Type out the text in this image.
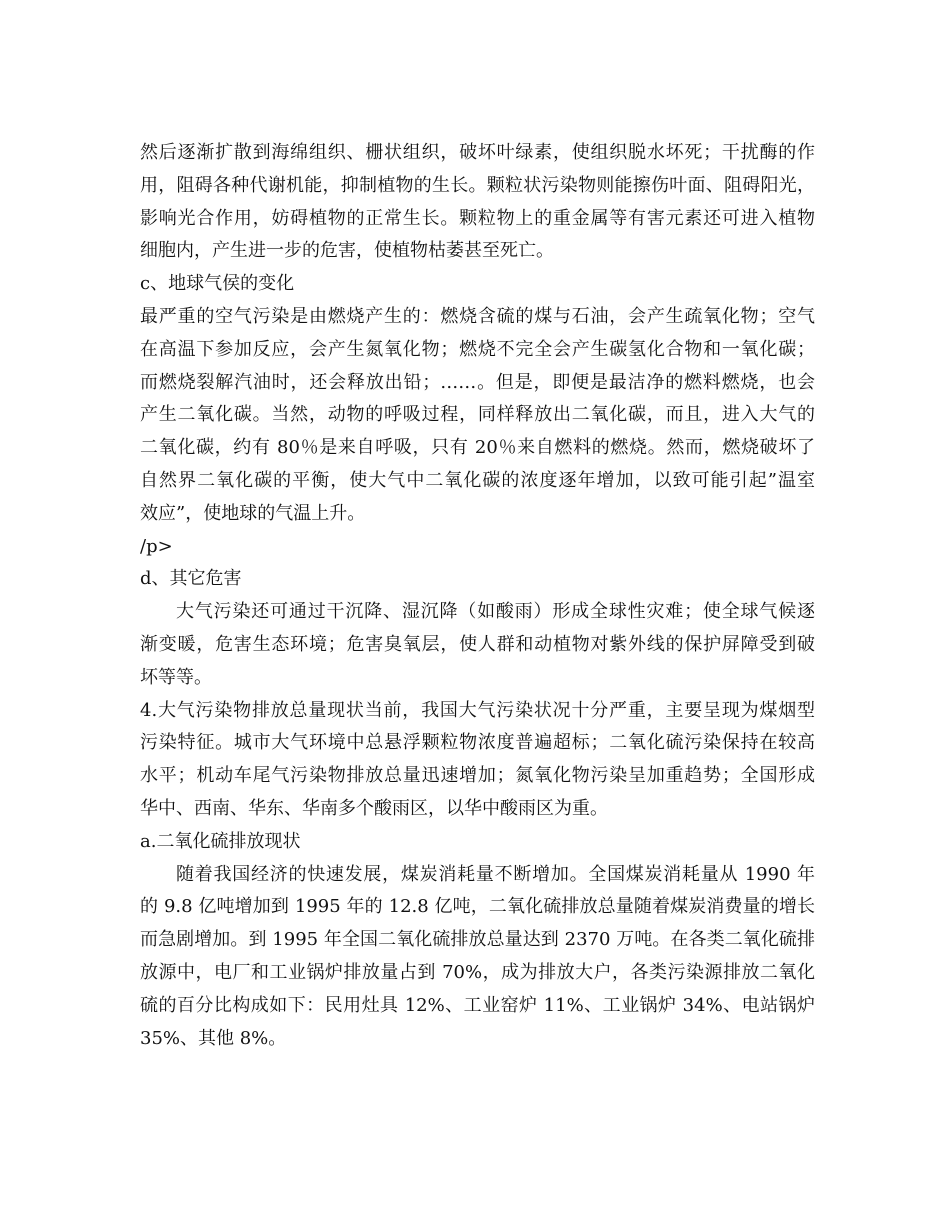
然后逐渐扩散到海绵组织、栅状组织，破坏叶绿素，使组织脱水坏死；干扰酶的作
用，阻碍各种代谢机能，抑制植物的生长。颗粒状污染物则能擦伤叶面、阻碍阳光，
影响光合作用，妨碍植物的正常生长。颗粒物上的重金属等有害元素还可进入植物
细胞内，产生进一步的危害，使植物枯萎甚至死亡。
c、地球气侯的变化
最严重的空气污染是由燃烧产生的：燃烧含硫的煤与石油，会产生疏氧化物；空气
在高温下参加反应，会产生氮氧化物；燃烧不完全会产生碳氢化合物和一氧化碳；
而燃烧裂解汽油时，还会释放出铅；……。但是，即便是最洁净的燃料燃烧，也会
产生二氧化碳。当然，动物的呼吸过程，同样释放出二氧化碳，而且，进入大气的
二氧化碳，约有 80％是来自呼吸，只有 20％来自燃料的燃烧。然而，燃烧破坏了
自然界二氧化碳的平衡，使大气中二氧化碳的浓度逐年增加，以致可能引起”温室
效应”，使地球的气温上升。
/p>
d、其它危害
大气污染还可通过干沉降、湿沉降（如酸雨）形成全球性灾难；使全球气候逐
渐变暖，危害生态环境；危害臭氧层，使人群和动植物对紫外线的保护屏障受到破
坏等等。
4.大气污染物排放总量现状当前，我国大气污染状况十分严重，主要呈现为煤烟型
污染特征。城市大气环境中总悬浮颗粒物浓度普遍超标；二氧化硫污染保持在较高
水平；机动车尾气污染物排放总量迅速增加；氮氧化物污染呈加重趋势；全国形成
华中、西南、华东、华南多个酸雨区，以华中酸雨区为重。
a.二氧化硫排放现状
随着我国经济的快速发展，煤炭消耗量不断增加。全国煤炭消耗量从 1990 年
的 9.8 亿吨增加到 1995 年的 12.8 亿吨，二氧化硫排放总量随着煤炭消费量的增长
而急剧增加。到 1995 年全国二氧化硫排放总量达到 2370 万吨。在各类二氧化硫排
放源中，电厂和工业锅炉排放量占到 70%，成为排放大户，各类污染源排放二氧化
硫的百分比构成如下：民用灶具 12%、工业窑炉 11%、工业锅炉 34%、电站锅炉
35%、其他 8%。
